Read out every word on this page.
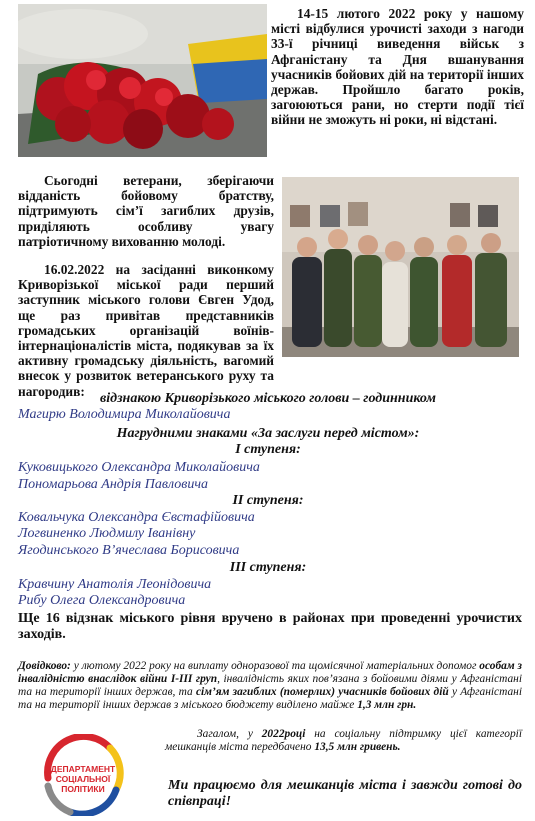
14-15 лютого 2022 року у нашому місті відбулися урочисті заходи з нагоди 33-ї річниці виведення військ з Афганістану та Дня вшанування учасників бойових дій на території інших держав. Пройшло багато років, загоюються рани, но стерти події тієї війни не зможуть ні роки, ні відстані.

Сьогодні ветерани, зберігаючи відданість бойовому братству, підтримують сім’ї загиблих друзів, приділяють особливу увагу патріотичному вихованню молоді.

16.02.2022 на засіданні виконкому Криворізької міської ради перший заступник міського голови Євген Удод, ще раз привітав представників громадських організацій воїнів-інтернаціоналістів міста, подякував за їх активну громадську діяльність, вагомий внесок у розвиток ветеранського руху та нагородив:	відзнакою Криворізького міського голови – годинником

Магирю Володимира Миколайовича

Нагрудними знаками «За заслуги перед містом»:

I ступеня:

Куковицького Олександра Миколайовича

Пономарьова Андрія Павловича

II ступеня:

Ковальчука Олександра Євстафійовича

Логвиненко Людмилу Іванівну

Ягодинського В’ячеслава Борисовича

III ступеня:

Кравчину Анатолія Леонідовича

Рибу Олега Олександровича

Ще 16 відзнак міського рівня вручено в районах при проведенні урочистих заходів.

Довідково: у лютому 2022 року на виплату одноразової та щомісячної матеріальних допомог особам з інвалідністю внаслідок війни I-III груп, інвалідність яких пов’язана з бойовими діями у Афганістані та на території інших держав, та сім’ям загиблих (померлих) учасників бойових дій у Афганістані та на території інших держав з міського бюджету виділено майже 1,3 млн грн.

Загалом, у 2022році на соціальну підтримку цієї категорії мешканців міста передбачено 13,5 млн гривень.

ДЕПАРТАМЕНТ
СОЦІАЛЬНОЇ
ПОЛІТИКИ	Ми працюємо для мешканців міста і завжди готові до співпраці!
